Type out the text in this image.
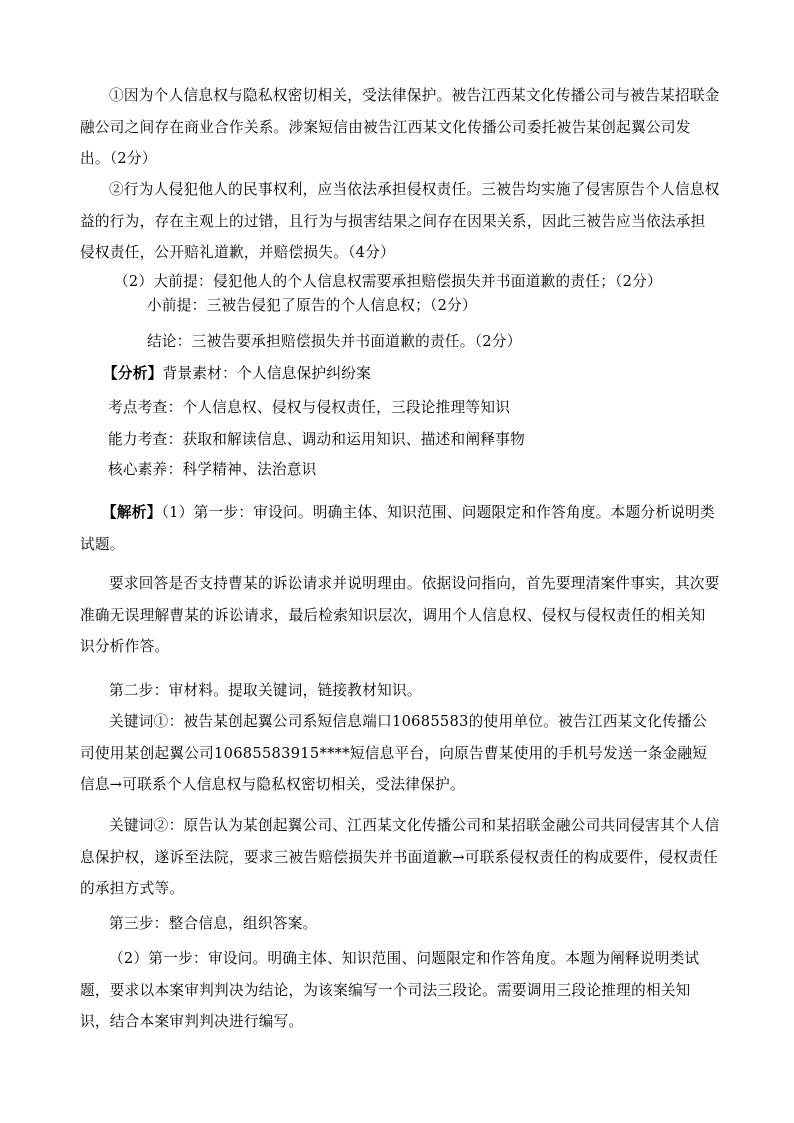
①因为个人信息权与隐私权密切相关，受法律保护。被告江西某文化传播公司与被告某招联金融公司之间存在商业合作关系。涉案短信由被告江西某文化传播公司委托被告某创起翼公司发出。（2分）

②行为人侵犯他人的民事权利，应当依法承担侵权责任。三被告均实施了侵害原告个人信息权益的行为，存在主观上的过错，且行为与损害结果之间存在因果关系，因此三被告应当依法承担侵权责任，公开赔礼道歉，并赔偿损失。（4分）

（2）大前提：侵犯他人的个人信息权需要承担赔偿损失并书面道歉的责任；（2分）

小前提：三被告侵犯了原告的个人信息权；（2分）

结论：三被告要承担赔偿损失并书面道歉的责任。（2分）

【分析】背景素材：个人信息保护纠纷案

考点考查：个人信息权、侵权与侵权责任，三段论推理等知识

能力考查：获取和解读信息、调动和运用知识、描述和阐释事物

核心素养：科学精神、法治意识

【解析】（1）第一步：审设问。明确主体、知识范围、问题限定和作答角度。本题分析说明类试题。

要求回答是否支持曹某的诉讼请求并说明理由。依据设问指向，首先要理清案件事实，其次要准确无误理解曹某的诉讼请求，最后检索知识层次，调用个人信息权、侵权与侵权责任的相关知识分析作答。

第二步：审材料。提取关键词，链接教材知识。

关键词①：被告某创起翼公司系短信息端口10685583的使用单位。被告江西某文化传播公司使用某创起翼公司10685583915****短信息平台，向原告曹某使用的手机号发送一条金融短信息→可联系个人信息权与隐私权密切相关，受法律保护。

关键词②：原告认为某创起翼公司、江西某文化传播公司和某招联金融公司共同侵害其个人信息保护权，遂诉至法院，要求三被告赔偿损失并书面道歉→可联系侵权责任的构成要件，侵权责任的承担方式等。

第三步：整合信息，组织答案。

（2）第一步：审设问。明确主体、知识范围、问题限定和作答角度。本题为阐释说明类试题，要求以本案审判判决为结论，为该案编写一个司法三段论。需要调用三段论推理的相关知识，结合本案审判判决进行编写。
